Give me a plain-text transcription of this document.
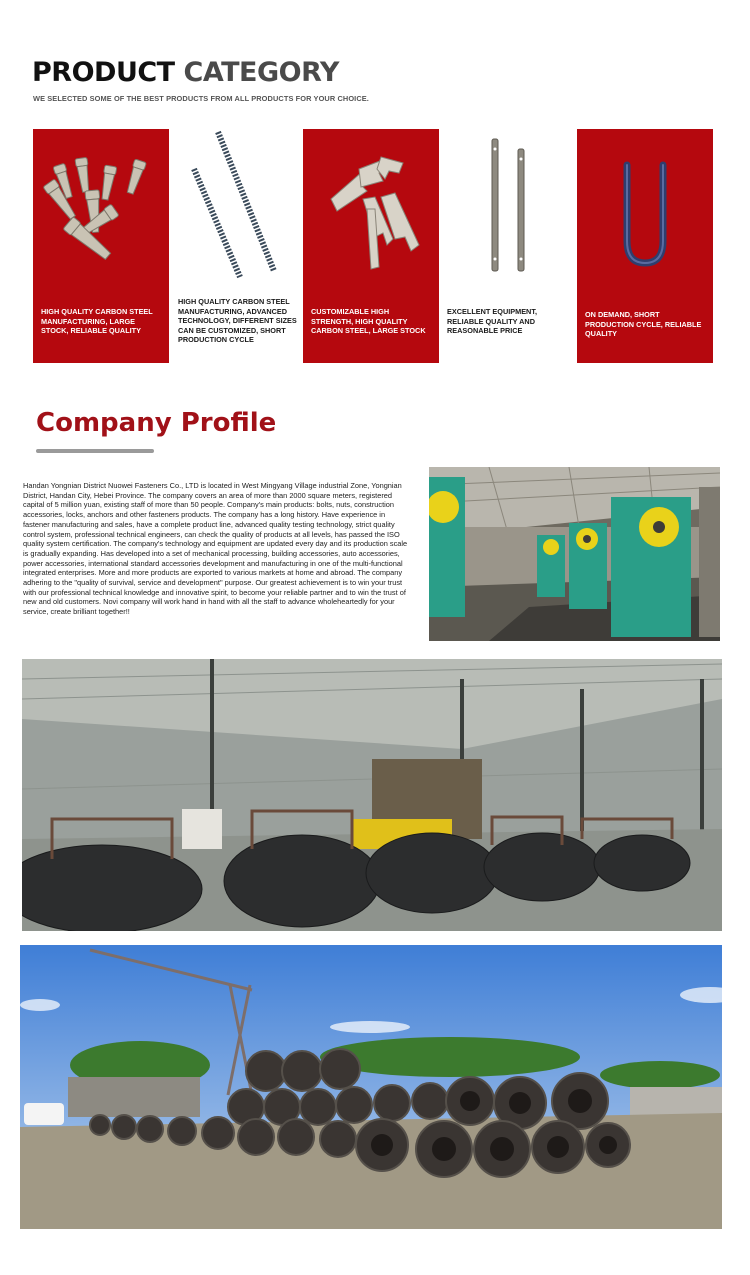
PRODUCT CATEGORY
WE SELECTED SOME OF THE BEST PRODUCTS FROM ALL PRODUCTS FOR YOUR CHOICE.
HIGH QUALITY CARBON STEEL MANUFACTURING, LARGE STOCK, RELIABLE QUALITY
HIGH QUALITY CARBON STEEL MANUFACTURING, ADVANCED TECHNOLOGY, DIFFERENT SIZES CAN BE CUSTOMIZED, SHORT PRODUCTION CYCLE
CUSTOMIZABLE HIGH STRENGTH, HIGH QUALITY CARBON STEEL, LARGE STOCK
EXCELLENT EQUIPMENT, RELIABLE QUALITY AND REASONABLE PRICE
ON DEMAND, SHORT PRODUCTION CYCLE, RELIABLE QUALITY
Company Profile
Handan Yongnian District Nuowei Fasteners Co., LTD is located in West Mingyang Village industrial Zone, Yongnian District, Handan City, Hebei Province. The company covers an area of more than 2000 square meters, registered capital of 5 million yuan, existing staff of more than 50 people. Company's main products: bolts, nuts, construction accessories, locks, anchors and other fasteners products. The company has a long history. Have experience in fastener manufacturing and sales, have a complete product line, advanced quality testing technology, strict quality control system, professional technical engineers, can check the quality of products at all levels, has passed the ISO quality system certification. The company's technology and equipment are updated every day and its production scale is gradually expanding. Has developed into a set of mechanical processing, building accessories, auto accessories, power accessories, international standard accessories development and manufacturing in one of the multi-functional integrated enterprises. More and more products are exported to various markets at home and abroad. The company adhering to the "quality of survival, service and development" purpose. Our greatest achievement is to win your trust with our professional technical knowledge and innovative spirit, to become your reliable partner and to win the trust of new and old customers. Novi company will work hand in hand with all the staff to advance wholeheartedly for your service, create brilliant together!!
